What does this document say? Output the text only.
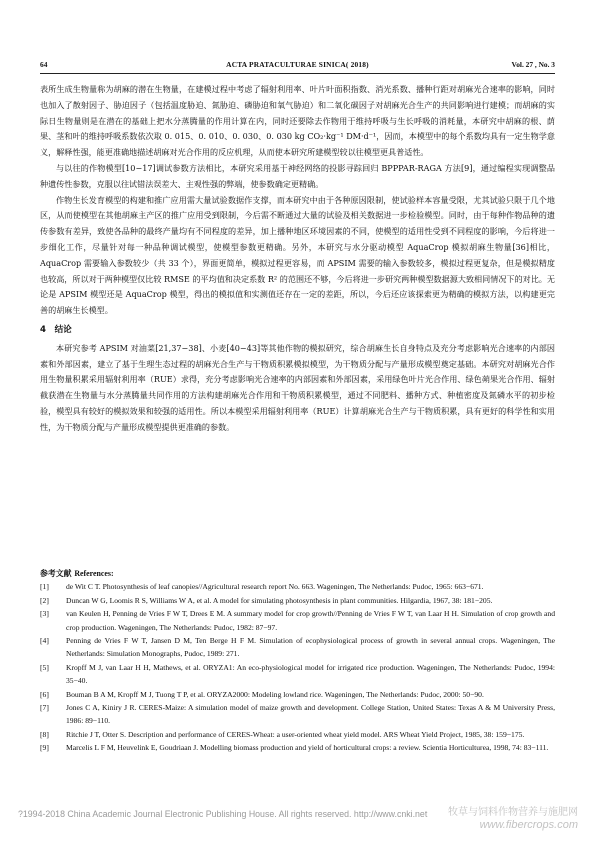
64	ACTA PRATACULTURAE SINICA( 2018)	Vol. 27 , No. 3

表所生成生物量称为胡麻的潜在生物量，在建模过程中考虑了辐射利用率、叶片叶面积指数、消光系数、播种行距对胡麻光合速率的影响，同时也加入了散射因子、胁迫因子（包括温度胁迫、氮胁迫、磷胁迫和氧气胁迫）和二氧化碳因子对胡麻光合生产的共同影响进行建模；而胡麻的实际日生物量则是在潜在的基础上把水分蒸腾量的作用计算在内，同时还要除去作物用于维持呼吸与生长呼吸的消耗量，本研究中胡麻的根、荫果、茎和叶的维持呼吸系数依次取 0. 015、0. 010、0. 030、0. 030 kg CO₂·kg⁻¹ DM·d⁻¹，因而，本模型中的每个系数均具有一定生物学意义，解释性强，能更准确地描述胡麻对光合作用的反应机理，从而使本研究所建模型较以往模型更具普适性。

与以往的作物模型[10−17]调试参数方法相比，本研究采用基于神经网络的投影寻踪回归 BPPPAR-RAGA 方法[9]，通过编程实现调整品种遗传性参数，克服以往试错法误差大、主观性强的弊端，使参数确定更精确。

作物生长发育模型的构建和推广应用需大量试验数据作支撑，而本研究中由于各种原因限制，使试验样本容量受限，尤其试验只限于几个地区，从而使模型在其他胡麻主产区的推广应用受到限制，今后需不断通过大量的试验及相关数据进一步检验模型。同时，由于每种作物品种的遗传参数有差异，致使各品种的最终产量均有不同程度的差异，加上播种地区环境因素的不同，使模型的适用性受到不同程度的影响，今后将进一步细化工作，尽量针对每一种品种调试模型，使模型参数更精确。另外，本研究与水分驱动模型 AquaCrop 模拟胡麻生物量[36]相比，AquaCrop 需要输入参数较少（共 33 个），界面更简单，模拟过程更容易，而 APSIM 需要的输入参数较多，模拟过程更复杂，但是模拟精度也较高，所以对于两种模型仅比较 RMSE 的平均值和决定系数 R² 的范围还不够，今后将进一步研究两种模型数据源大致相同情况下的对比。无论是 APSIM 模型还是 AquaCrop 模型，得出的模拟值和实测值还存在一定的差距，所以，今后还应该探索更为精确的模拟方法，以构建更完善的胡麻生长模型。

4　结论

本研究参考 APSIM 对油菜[21,37−38]、小麦[40−43]等其他作物的模拟研究，综合胡麻生长自身特点及充分考虑影响光合速率的内部因素和外部因素，建立了基于生理生态过程的胡麻光合生产与干物质积累模拟模型，为干物质分配与产量形成模型奠定基础。本研究对胡麻光合作用生物量积累采用辐射利用率（RUE）求得，充分考虑影响光合速率的内部因素和外部因素，采用绿色叶片光合作用、绿色蒴果光合作用、辐射截获潜在生物量与水分蒸腾量共同作用的方法构建胡麻光合作用和干物质积累模型，通过不同肥料、播种方式、种植密度及氮磷水平的初步检验，模型具有较好的模拟效果和较强的适用性。所以本模型采用辐射利用率（RUE）计算胡麻光合生产与干物质积累，具有更好的科学性和实用性，为干物质分配与产量形成模型提供更准确的参数。

参考文献 References:
[1] de Wit C T. Photosynthesis of leaf canopies//Agricultural research report No. 663. Wageningen, The Netherlands: Pudoc, 1965: 663−671.
[2] Duncan W G, Loomis R S, Williams W A, et al. A model for simulating photosynthesis in plant communities. Hilgardia, 1967, 38: 181−205.
[3] van Keulen H, Penning de Vries F W T, Drees E M. A summary model for crop growth//Penning de Vries F W T, van Laar H H. Simulation of crop growth and crop production. Wageningen, The Netherlands: Pudoc, 1982: 87−97.
[4] Penning de Vries F W T, Jansen D M, Ten Berge H F M. Simulation of ecophysiological process of growth in several annual crops. Wageningen, The Netherlands: Simulation Monographs, Pudoc, 1989: 271.
[5] Kropff M J, van Laar H H, Mathews, et al. ORYZA1: An eco-physiological model for irrigated rice production. Wageningen, The Netherlands: Pudoc, 1994: 35−40.
[6] Bouman B A M, Kropff M J, Tuong T P, et al. ORYZA2000: Modeling lowland rice. Wageningen, The Netherlands: Pudoc, 2000: 50−90.
[7] Jones C A, Kiniry J R. CERES-Maize: A simulation model of maize growth and development. College Station, United States: Texas A & M University Press, 1986: 89−110.
[8] Ritchie J T, Otter S. Description and performance of CERES-Wheat: a user-oriented wheat yield model. ARS Wheat Yield Project, 1985, 38: 159−175.
[9] Marcelis L F M, Heuvelink E, Goudriaan J. Modelling biomass production and yield of horticultural crops: a review. Scientia Horticulturea, 1998, 74: 83−111.
?1994-2018 China Academic Journal Electronic Publishing House. All rights reserved. http://www.cnki.net 牧草与饲料作物营养与施肥网
www.fibercrops.com
